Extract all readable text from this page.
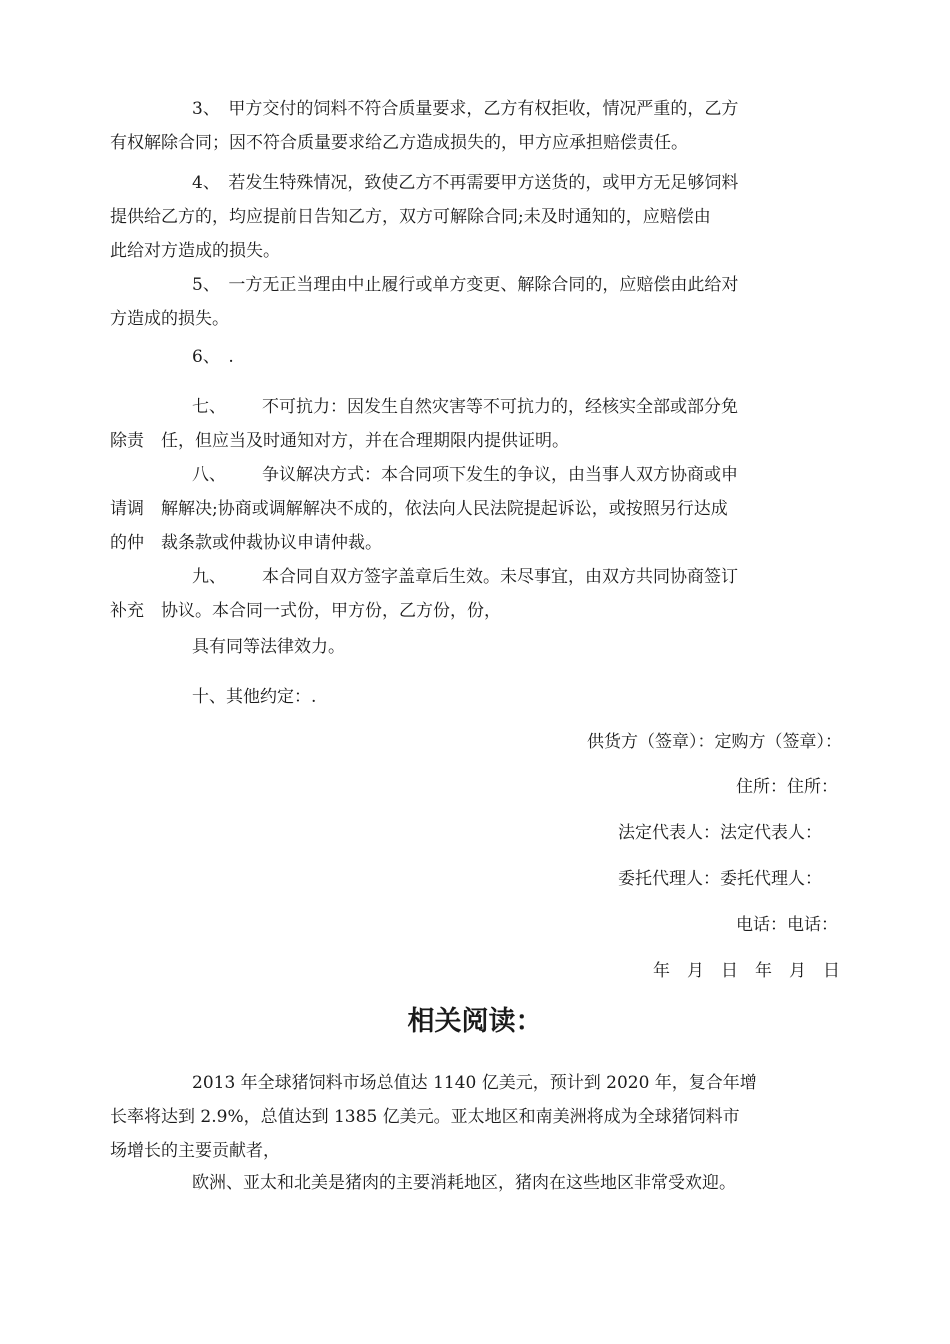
3、　甲方交付的饲料不符合质量要求，乙方有权拒收，情况严重的，乙方
有权解除合同；因不符合质量要求给乙方造成损失的，甲方应承担赔偿责任。
4、　若发生特殊情况，致使乙方不再需要甲方送货的，或甲方无足够饲料
提供给乙方的，均应提前日告知乙方，双方可解除合同;未及时通知的，应赔偿由
此给对方造成的损失。
5、　一方无正当理由中止履行或单方变更、解除合同的，应赔偿由此给对
方造成的损失。
6、　.
七、 不可抗力：因发生自然灾害等不可抗力的，经核实全部或部分免
除责　任，但应当及时通知对方，并在合理期限内提供证明。
八、 争议解决方式：本合同项下发生的争议，由当事人双方协商或申
请调　解解决;协商或调解解决不成的，依法向人民法院提起诉讼，或按照另行达成
的仲　裁条款或仲裁协议申请仲裁。
九、 本合同自双方签字盖章后生效。未尽事宜，由双方共同协商签订
补充　协议。本合同一式份，甲方份，乙方份，份，
具有同等法律效力。
十、其他约定：.
供货方（签章）：定购方（签章）：
住所：住所：
法定代表人：法定代表人：
委托代理人：委托代理人：
电话：电话：
年　月　日　年　月　日
相关阅读：
2013 年全球猪饲料市场总值达 1140 亿美元，预计到 2020 年，复合年增
长率将达到 2.9%，总值达到 1385 亿美元。亚太地区和南美洲将成为全球猪饲料市
场增长的主要贡献者，
欧洲、亚太和北美是猪肉的主要消耗地区，猪肉在这些地区非常受欢迎。
